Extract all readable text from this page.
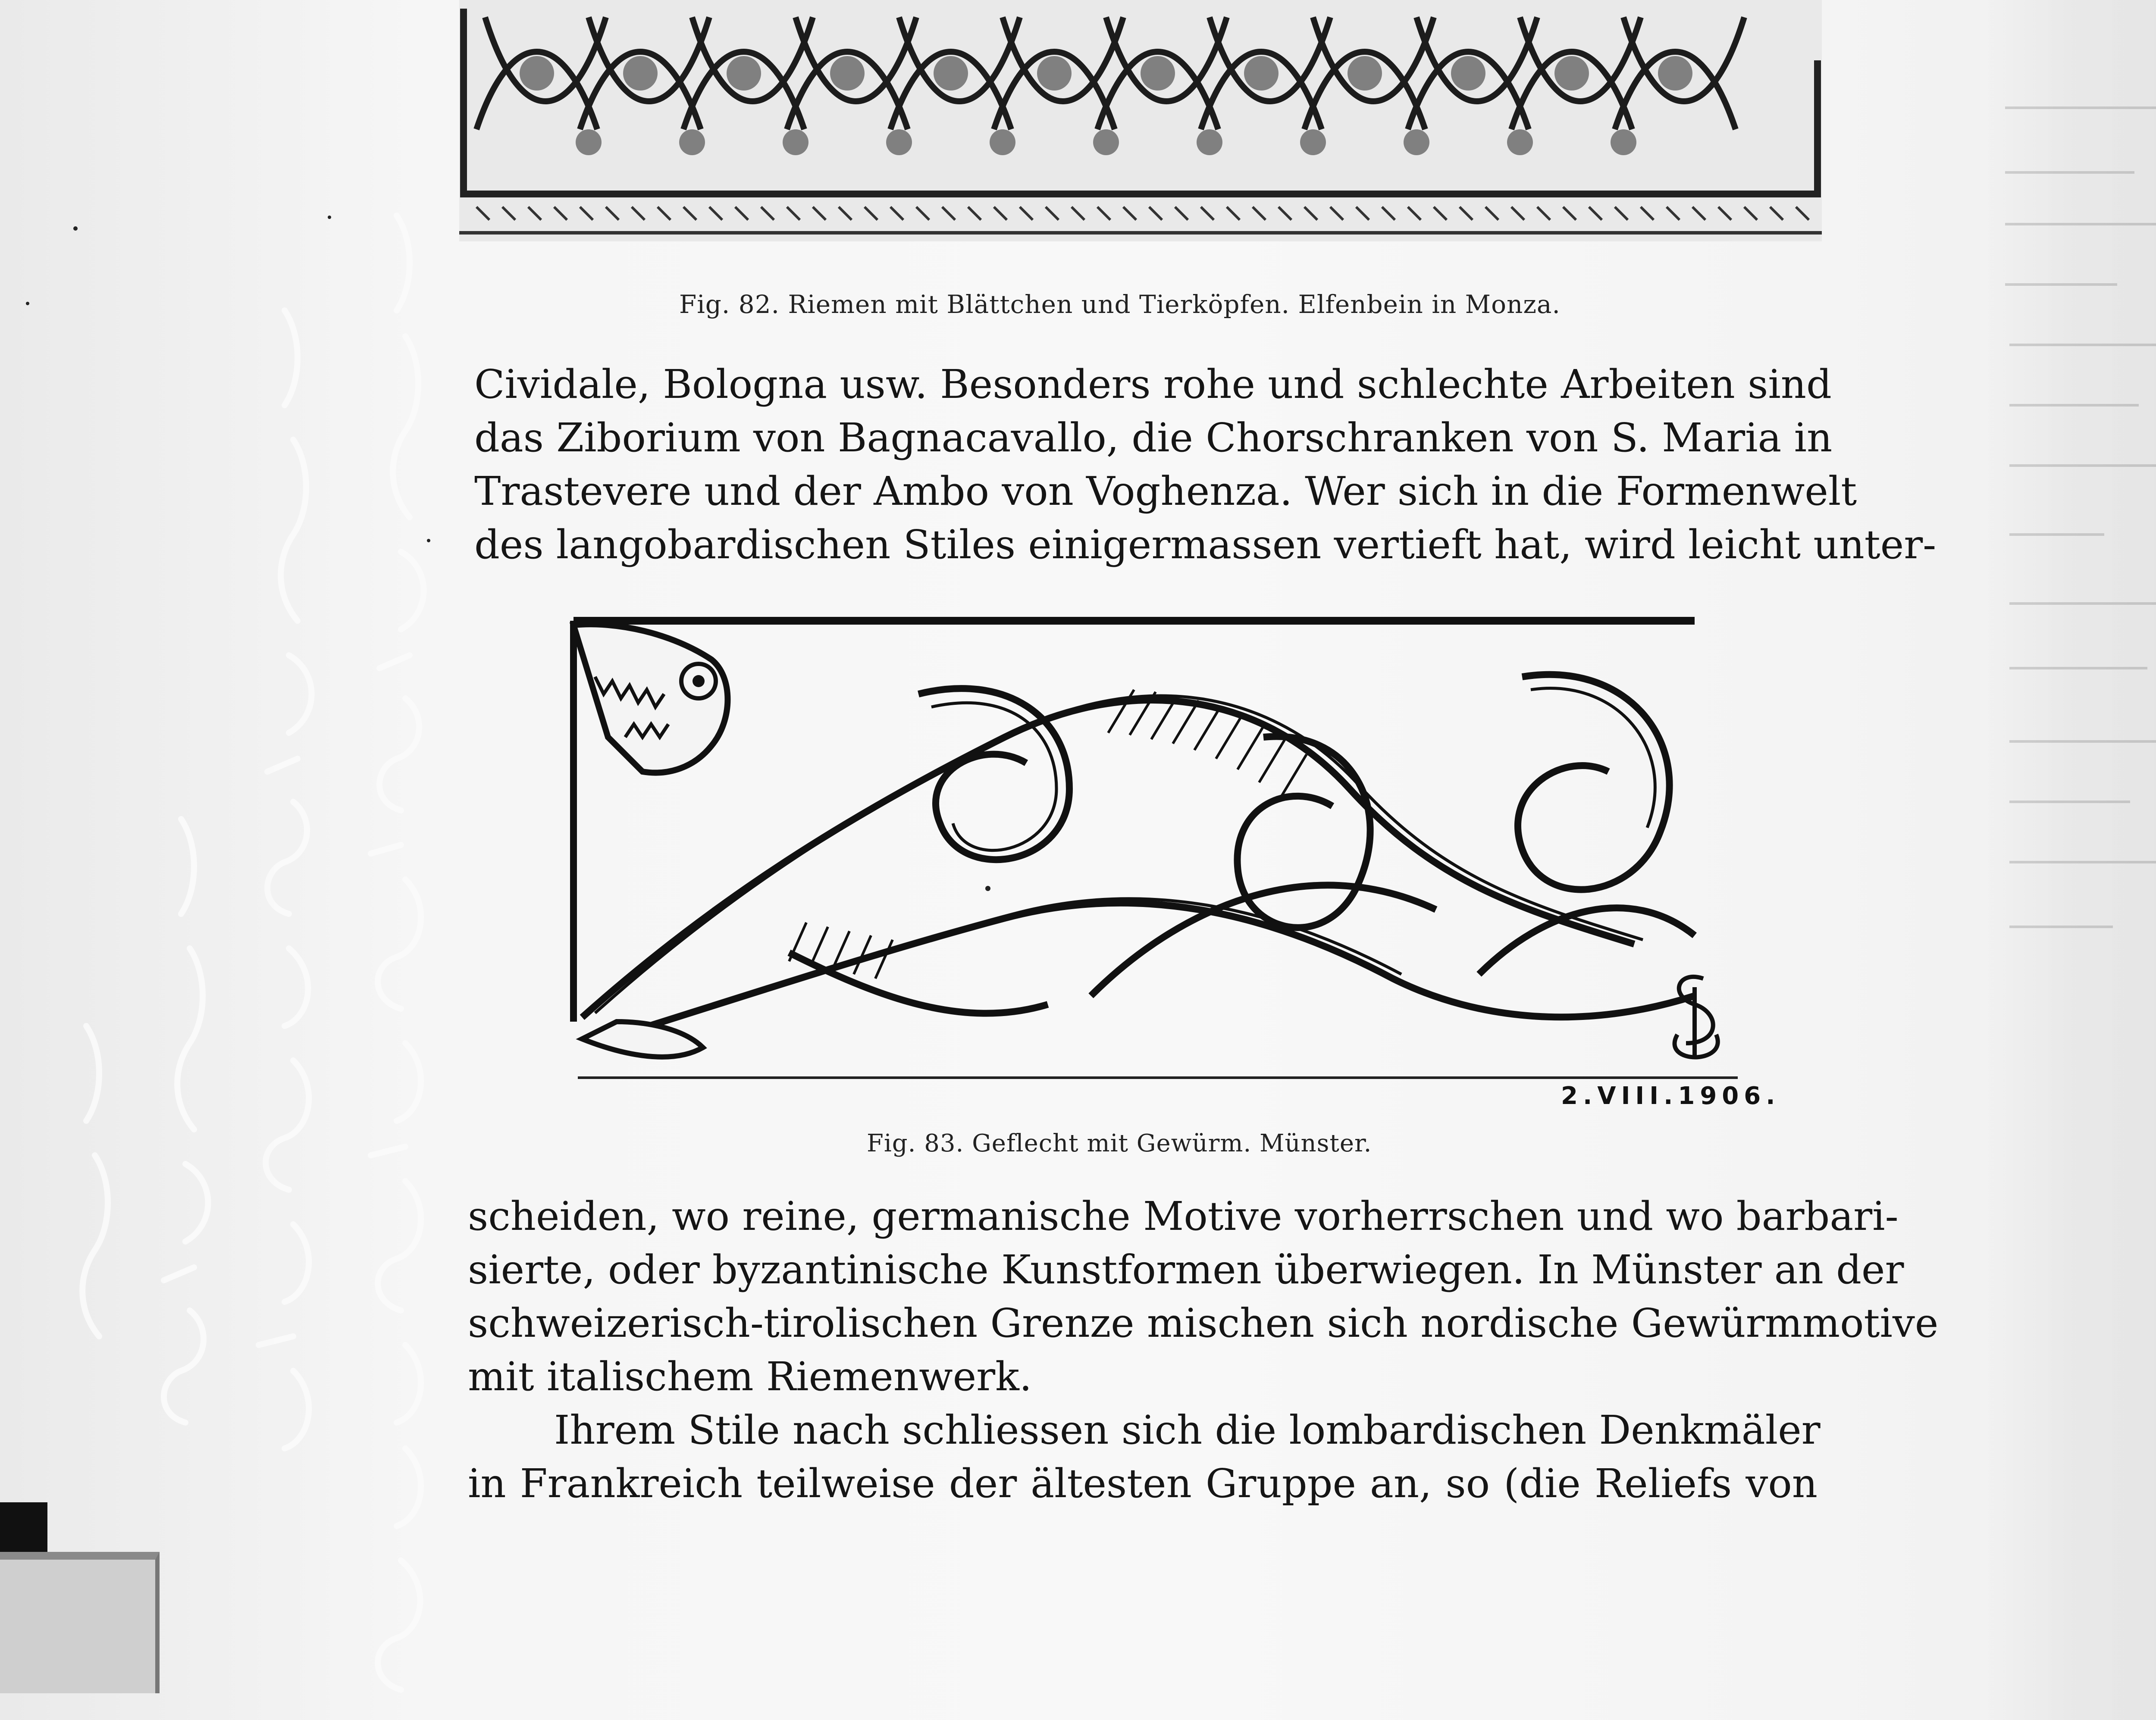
Fig. 82. Riemen mit Blättchen und Tierköpfen. Elfenbein in Monza.
Cividale, Bologna usw. Besonders rohe und schlechte Arbeiten sind
das Ziborium von Bagnacavallo, die Chorschranken von S. Maria in
Trastevere und der Ambo von Voghenza. Wer sich in die Formenwelt
des langobardischen Stiles einigermassen vertieft hat, wird leicht unter-
2.VIII.1906.
Fig. 83. Geflecht mit Gewürm. Münster.
scheiden, wo reine, germanische Motive vorherrschen und wo barbari-
sierte, oder byzantinische Kunstformen überwiegen. In Münster an der
schweizerisch-tirolischen Grenze mischen sich nordische Gewürmmotive
mit italischem Riemenwerk.
Ihrem Stile nach schliessen sich die lombardischen Denkmäler
in Frankreich teilweise der ältesten Gruppe an, so (die Reliefs von
